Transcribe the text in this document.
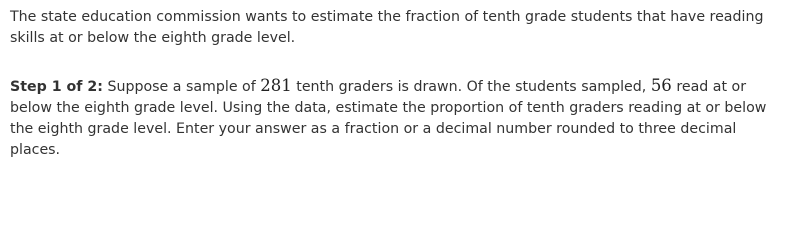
The state education commission wants to estimate the fraction of tenth grade students that have reading skills at or below the eighth grade level.

Step 1 of 2: Suppose a sample of 281 tenth graders is drawn. Of the students sampled, 56 read at or below the eighth grade level. Using the data, estimate the proportion of tenth graders reading at or below the eighth grade level. Enter your answer as a fraction or a decimal number rounded to three decimal places.
